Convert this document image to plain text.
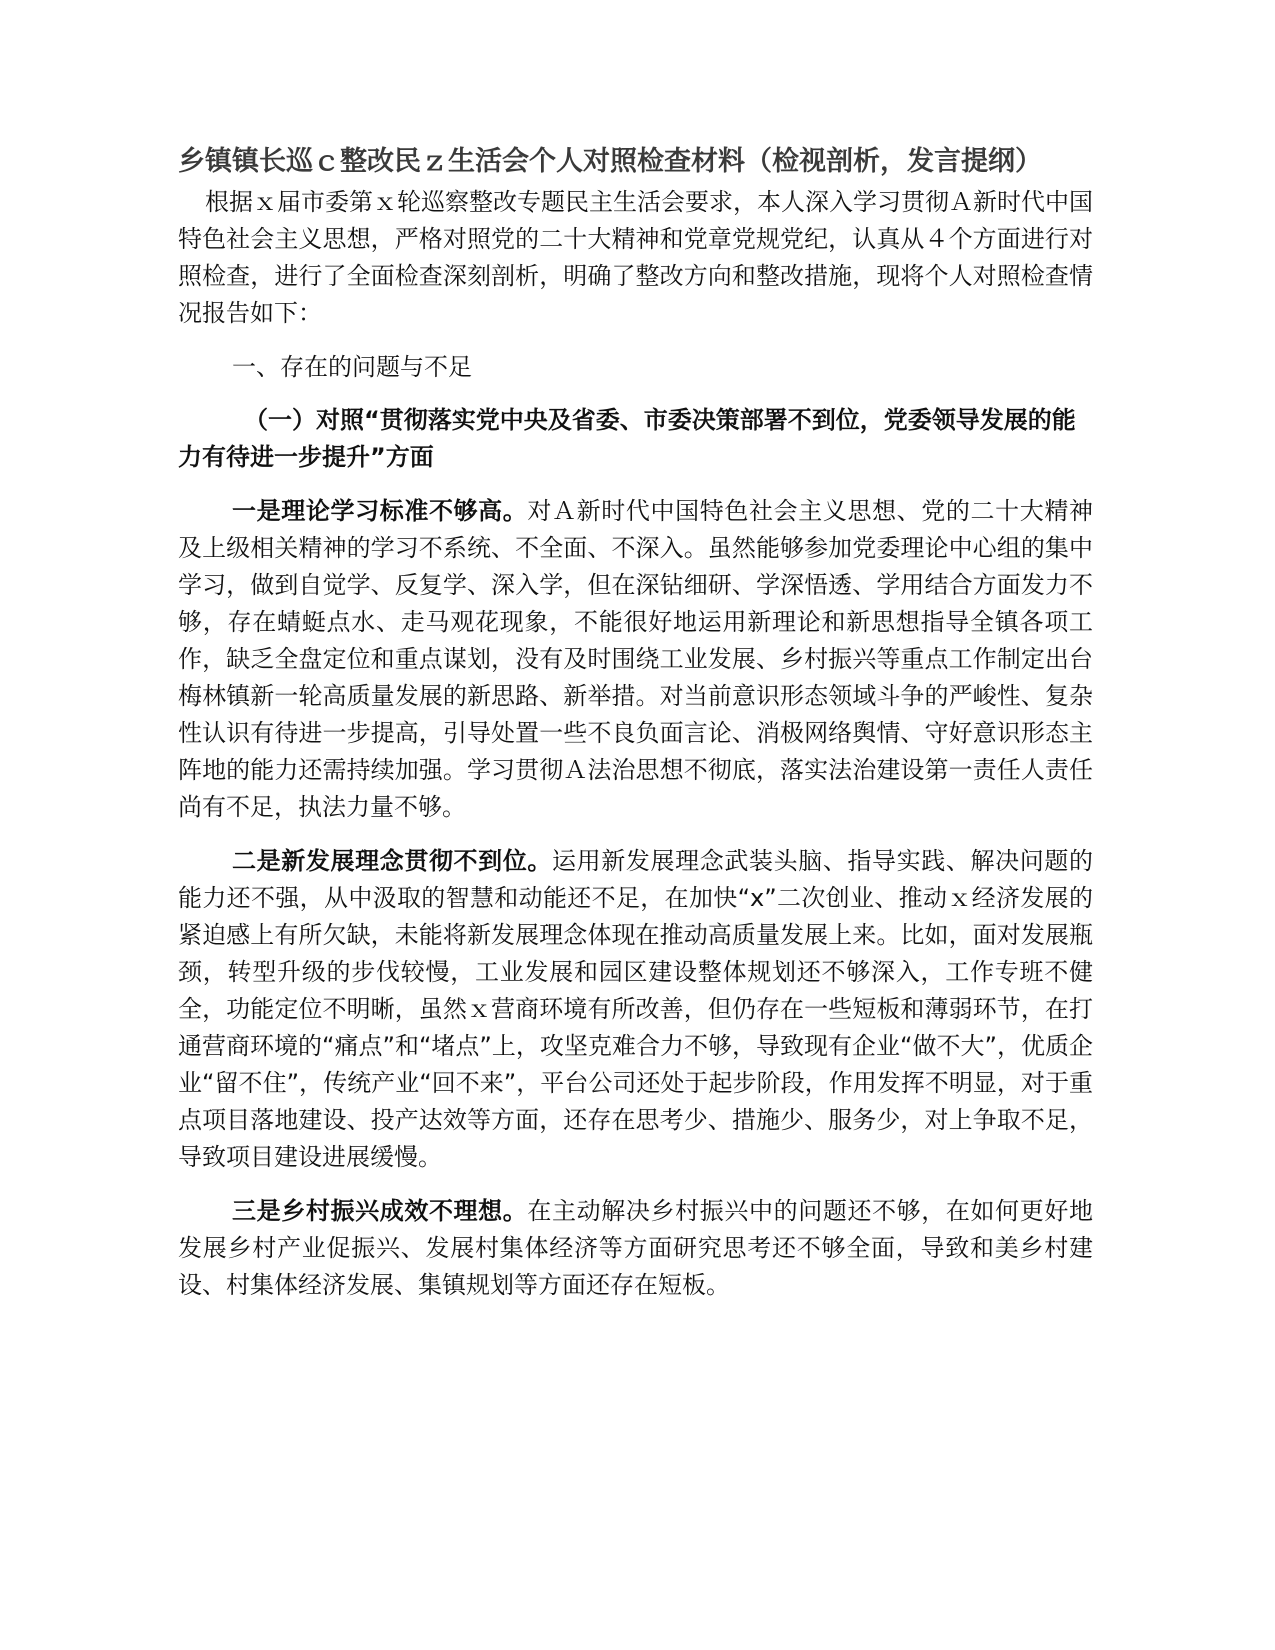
乡镇镇长巡ｃ整改民ｚ生活会个人对照检查材料（检视剖析，发言提纲）

根据ｘ届市委第ｘ轮巡察整改专题民主生活会要求，本人深入学习贯彻Ａ新时代中国特色社会主义思想，严格对照党的二十大精神和党章党规党纪，认真从４个方面进行对照检查，进行了全面检查深刻剖析，明确了整改方向和整改措施，现将个人对照检查情况报告如下：

一、存在的问题与不足

（一）对照“贯彻落实党中央及省委、市委决策部署不到位，党委领导发展的能力有待进一步提升”方面

一是理论学习标准不够高。对Ａ新时代中国特色社会主义思想、党的二十大精神及上级相关精神的学习不系统、不全面、不深入。虽然能够参加党委理论中心组的集中学习，做到自觉学、反复学、深入学，但在深钻细研、学深悟透、学用结合方面发力不够，存在蜻蜓点水、走马观花现象，不能很好地运用新理论和新思想指导全镇各项工作，缺乏全盘定位和重点谋划，没有及时围绕工业发展、乡村振兴等重点工作制定出台梅林镇新一轮高质量发展的新思路、新举措。对当前意识形态领域斗争的严峻性、复杂性认识有待进一步提高，引导处置一些不良负面言论、消极网络舆情、守好意识形态主阵地的能力还需持续加强。学习贯彻Ａ法治思想不彻底，落实法治建设第一责任人责任尚有不足，执法力量不够。

二是新发展理念贯彻不到位。运用新发展理念武装头脑、指导实践、解决问题的能力还不强，从中汲取的智慧和动能还不足，在加快“x”二次创业、推动ｘ经济发展的紧迫感上有所欠缺，未能将新发展理念体现在推动高质量发展上来。比如，面对发展瓶颈，转型升级的步伐较慢，工业发展和园区建设整体规划还不够深入，工作专班不健全，功能定位不明晰，虽然ｘ营商环境有所改善，但仍存在一些短板和薄弱环节，在打通营商环境的“痛点”和“堵点”上，攻坚克难合力不够，导致现有企业“做不大”，优质企业“留不住”，传统产业“回不来”，平台公司还处于起步阶段，作用发挥不明显，对于重点项目落地建设、投产达效等方面，还存在思考少、措施少、服务少，对上争取不足，导致项目建设进展缓慢。

三是乡村振兴成效不理想。在主动解决乡村振兴中的问题还不够，在如何更好地发展乡村产业促振兴、发展村集体经济等方面研究思考还不够全面，导致和美乡村建设、村集体经济发展、集镇规划等方面还存在短板。
